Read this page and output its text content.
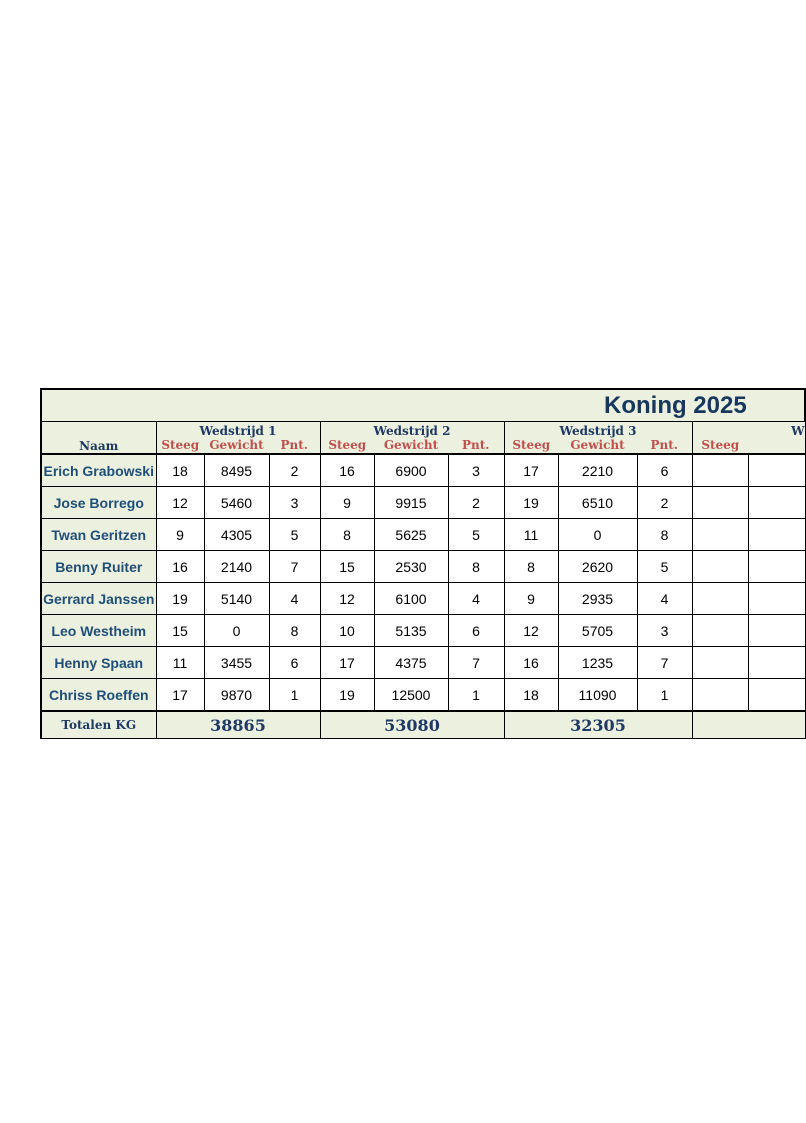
Koning 2025											
Naam	Wedstrijd 1			Wedstrijd 2			Wedstrijd 3			W	
	Steeg	Gewicht	Pnt.	Steeg	Gewicht	Pnt.	Steeg	Gewicht	Pnt.	Steeg	
Erich Grabowski	18	8495	2	16	6900	3	17	2210	6		
Jose Borrego	12	5460	3	9	9915	2	19	6510	2		
Twan Geritzen	9	4305	5	8	5625	5	11	0	8		
Benny Ruiter	16	2140	7	15	2530	8	8	2620	5		
Gerrard Janssen	19	5140	4	12	6100	4	9	2935	4		
Leo Westheim	15	0	8	10	5135	6	12	5705	3		
Henny Spaan	11	3455	6	17	4375	7	16	1235	7		
Chriss Roeffen	17	9870	1	19	12500	1	18	11090	1		
Totalen KG	38865			53080			32305				
